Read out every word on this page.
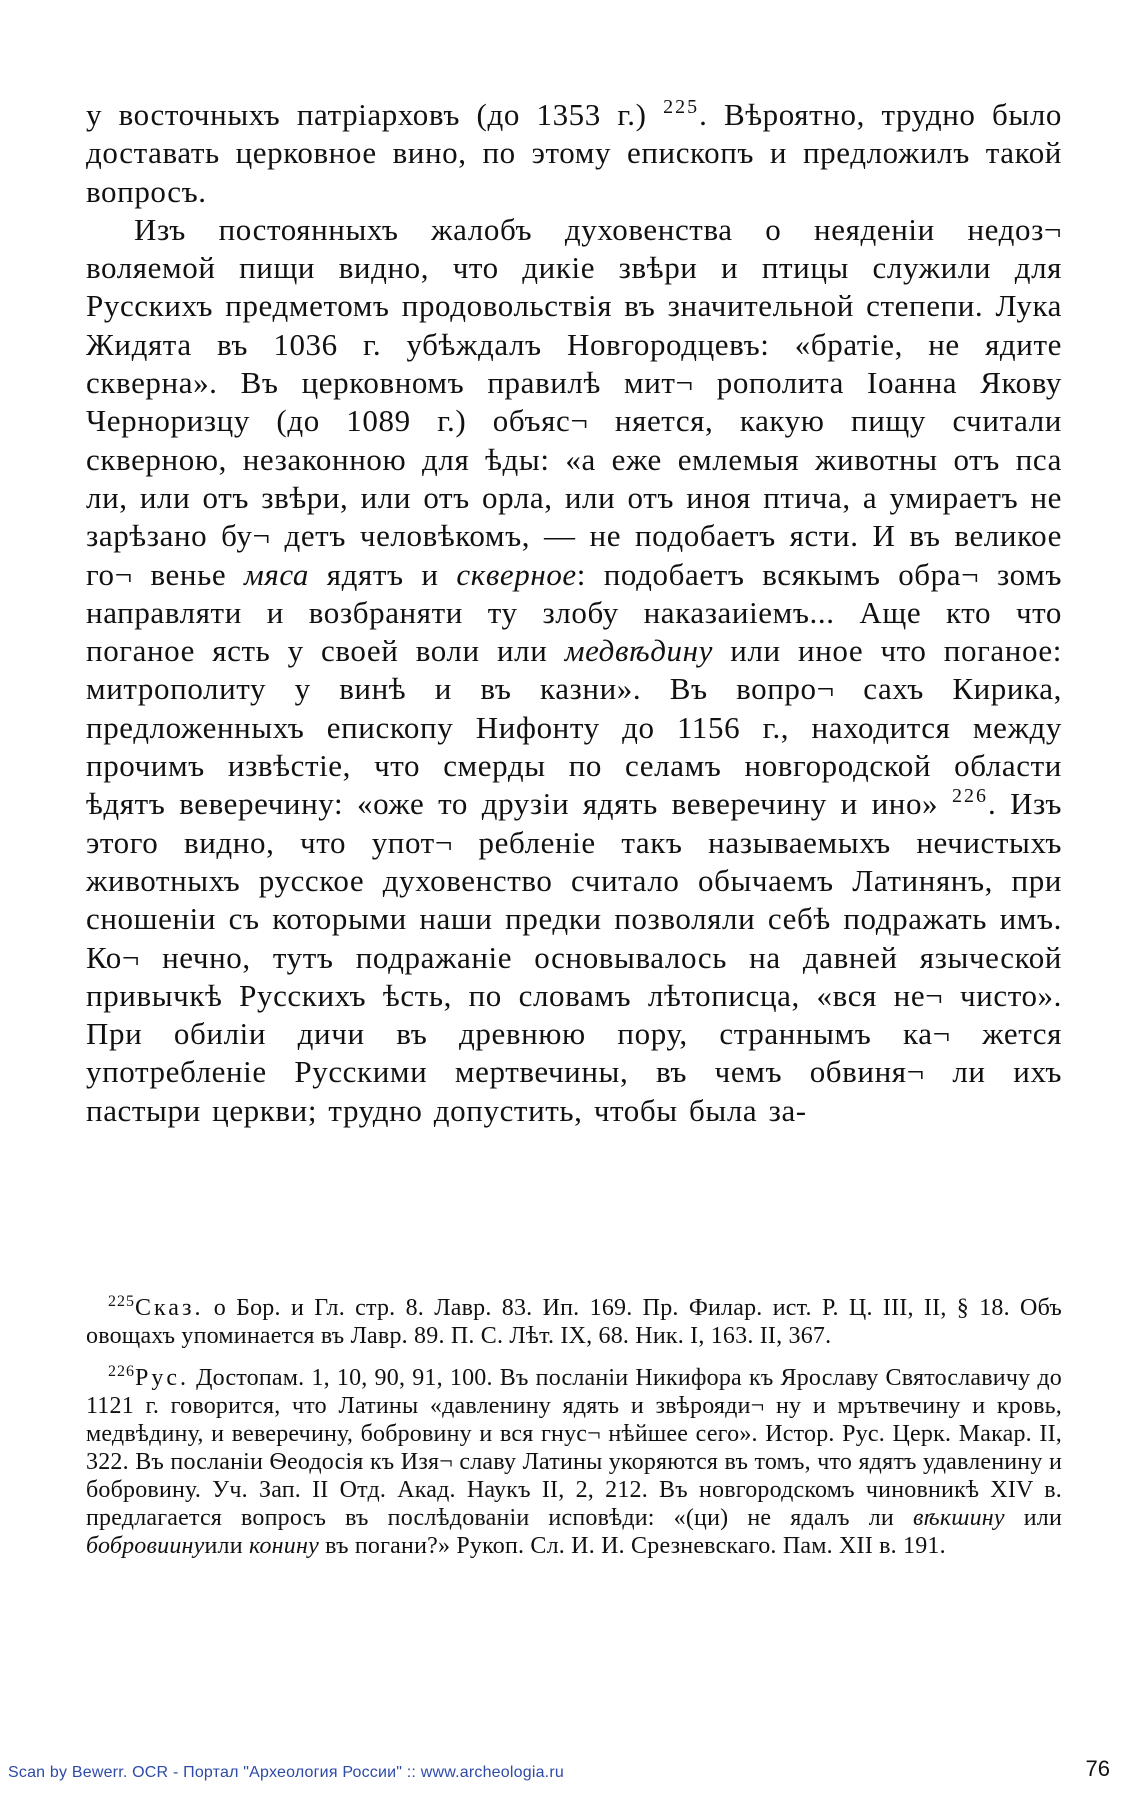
у восточныхъ патріарховъ (до 1353 г.) $^{225}$. Вѣроятно, трудно было доставать церковное вино, по этому епископъ и предложилъ такой вопросъ.

Изъ постоянныхъ жалобъ духовенства о неяденіи недоз¬ воляемой пищи видно, что дикіе звѣри и птицы служили для Русскихъ предметомъ продовольствія въ значительной степепи. Лука Жидята въ 1036 г. убѣждалъ Новгородцевъ: «братіе, не ядите скверна». Въ церковномъ правилѣ мит¬ рополита Іоанна Якову Черноризцу (до 1089 г.) объяс¬ няется, какую пищу считали скверною, незаконною для ѣды: «а еже емлемыя животны отъ пса ли, или отъ звѣри, или отъ орла, или отъ иноя птича, а умираетъ не зарѣзано бу¬ детъ человѣкомъ, — не подобаетъ ясти. И въ великое го¬ венье мяса ядятъ и скверное: подобаетъ всякымъ обра¬ зомъ направляти и возбраняти ту злобу наказаиіемъ... Аще кто что поганое ясть у своей воли или медвѣдину или иное что поганое: митрополиту у винѣ и въ казни». Въ вопро¬ сахъ Кирика, предложенныхъ епископу Нифонту до 1156 г., находится между прочимъ извѣстіе, что смерды по селамъ новгородской области ѣдятъ веверечину: «оже то друзіи ядять веверечину и ино» $^{226}$. Изъ этого видно, что упот¬ ребленіе такъ называемыхъ нечистыхъ животныхъ русское духовенство считало обычаемъ Латинянъ, при сношеніи съ которыми наши предки позволяли себѣ подражать имъ. Ко¬ нечно, тутъ подражаніе основывалось на давней языческой привычкѣ Русскихъ ѣсть, по словамъ лѣтописца, «вся не¬ чисто». При обиліи дичи въ древнюю пору, страннымъ ка¬ жется употребленіе Русскими мертвечины, въ чемъ обвиня¬ ли ихъ пастыри церкви; трудно допустить, чтобы была за-

$^{225}$Сказ. о Бор. и Гл. стр. 8. Лавр. 83. Ип. 169. Пр. Филар. ист. Р. Ц. III, II, § 18. Объ овощахъ упоминается въ Лавр. 89. П. С. Лѣт. IX, 68. Ник. I, 163. II, 367.

$^{226}$Рус. Достопам. 1, 10, 90, 91, 100. Въ посланіи Никифора къ Ярославу Святославичу до 1121 г. говорится, что Латины «давленину ядять и звѣрояди¬ ну и мрътвечину и кровь, медвѣдину, и веверечину, бобровину и вся гнус¬ нѣйшее сего». Истор. Рус. Церк. Макар. II, 322. Въ посланіи Ѳеодосія къ Изя¬ славу Латины укоряются въ томъ, что ядятъ удавленину и бобровину. Уч. Зап. II Отд. Акад. Наукъ II, 2, 212. Въ новгородскомъ чиновникѣ XIV в. предлагается вопросъ въ послѣдованіи исповѣди: «(ци) не ядалъ ли вѣкшину или бобровиинуили конину въ погани?» Рукоп. Сл. И. И. Срезневскаго. Пам. XII в. 191.

Scan by Bewerr. OCR - Портал "Археология России" :: www.archeologia.ru	76
